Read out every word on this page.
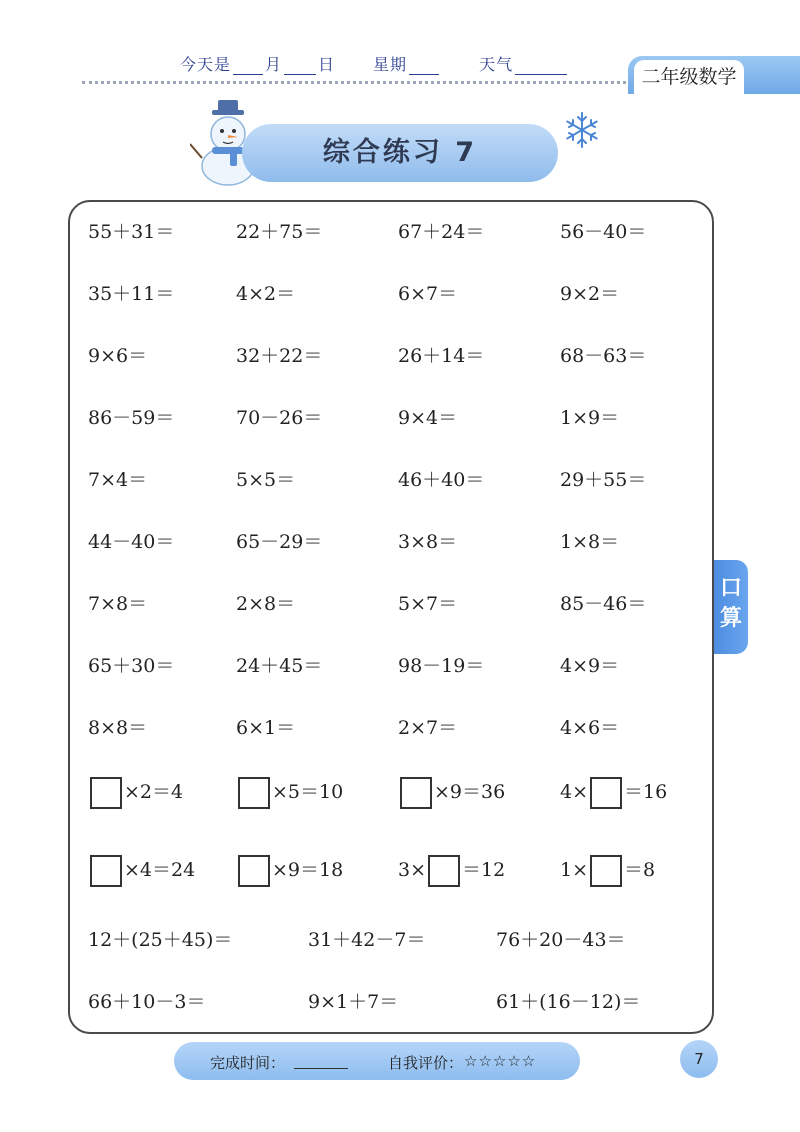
今天是 月 日 星期	天气
二年级数学
综合练习 7
55＋31＝	22＋75＝	67＋24＝	56－40＝
35＋11＝	4×2＝	6×7＝	9×2＝
9×6＝	32＋22＝	26＋14＝	68－63＝
86－59＝	70－26＝	9×4＝	1×9＝
7×4＝	5×5＝	46＋40＝	29＋55＝
44－40＝	65－29＝	3×8＝	1×8＝
7×8＝	2×8＝	5×7＝	85－46＝
65＋30＝	24＋45＝	98－19＝	4×9＝
8×8＝	6×1＝	2×7＝	4×6＝
×2＝4	×5＝10	×9＝36	4× ＝16
×4＝24	×9＝18	3× ＝12	1× ＝8
12＋(25＋45)＝	31＋42－7＝	76＋20－43＝
66＋10－3＝	9×1＋7＝	61＋(16－12)＝
口
算
完成时间：	自我评价： ☆☆☆☆☆	7
